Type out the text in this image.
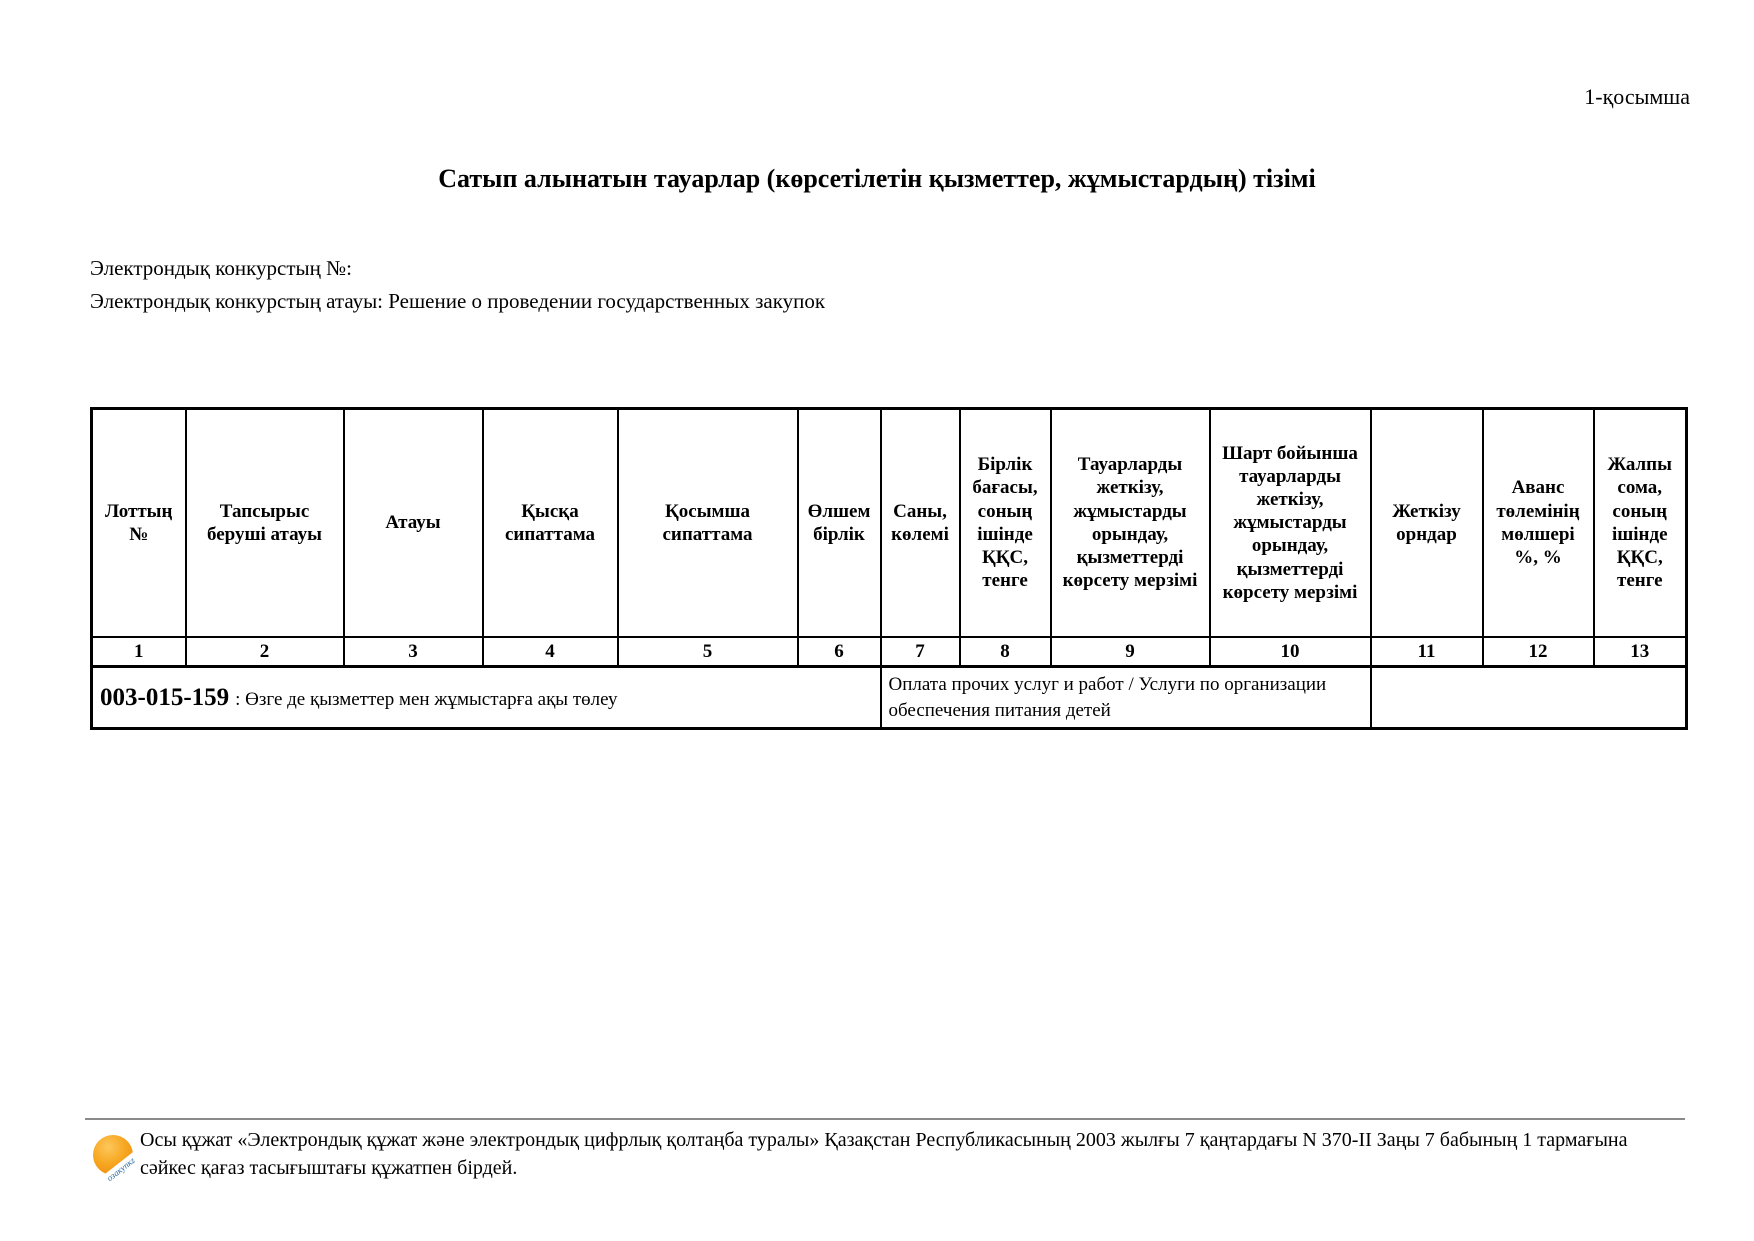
1-қосымша
Сатып алынатын тауарлар (көрсетілетін қызметтер, жұмыстардың) тізімі
Электрондық конкурстың №:
Электрондық конкурстың атауы: Решение о проведении государственных закупок
Лоттың №	Тапсырыс беруші атауы	Атауы	Қысқа сипаттама	Қосымша сипаттама	Өлшем бірлік	Саны, көлемі	Бірлік бағасы, соның ішінде ҚҚС, тенге	Тауарларды жеткізу, жұмыстарды орындау, қызметтерді көрсету мерзімі	Шарт бойынша тауарларды жеткізу, жұмыстарды орындау, қызметтерді көрсету мерзімі	Жеткізу орндар	Аванс төлемінің мөлшері %, %	Жалпы сома, соның ішінде ҚҚС, тенге
1	2	3	4	5	6	7	8	9	10	11	12	13
003-015-159 : Өзге де қызметтер мен жұмыстарға ақы төлеу						Оплата прочих услуг и работ / Услуги по организации обеспечения питания детей						
озакупкz
Осы құжат «Электрондық құжат және электрондық цифрлық қолтаңба туралы» Қазақстан Республикасының 2003 жылғы 7 қаңтардағы N 370-II Заңы 7 бабының 1 тармағына сәйкес қағаз тасығыштағы құжатпен бірдей.
